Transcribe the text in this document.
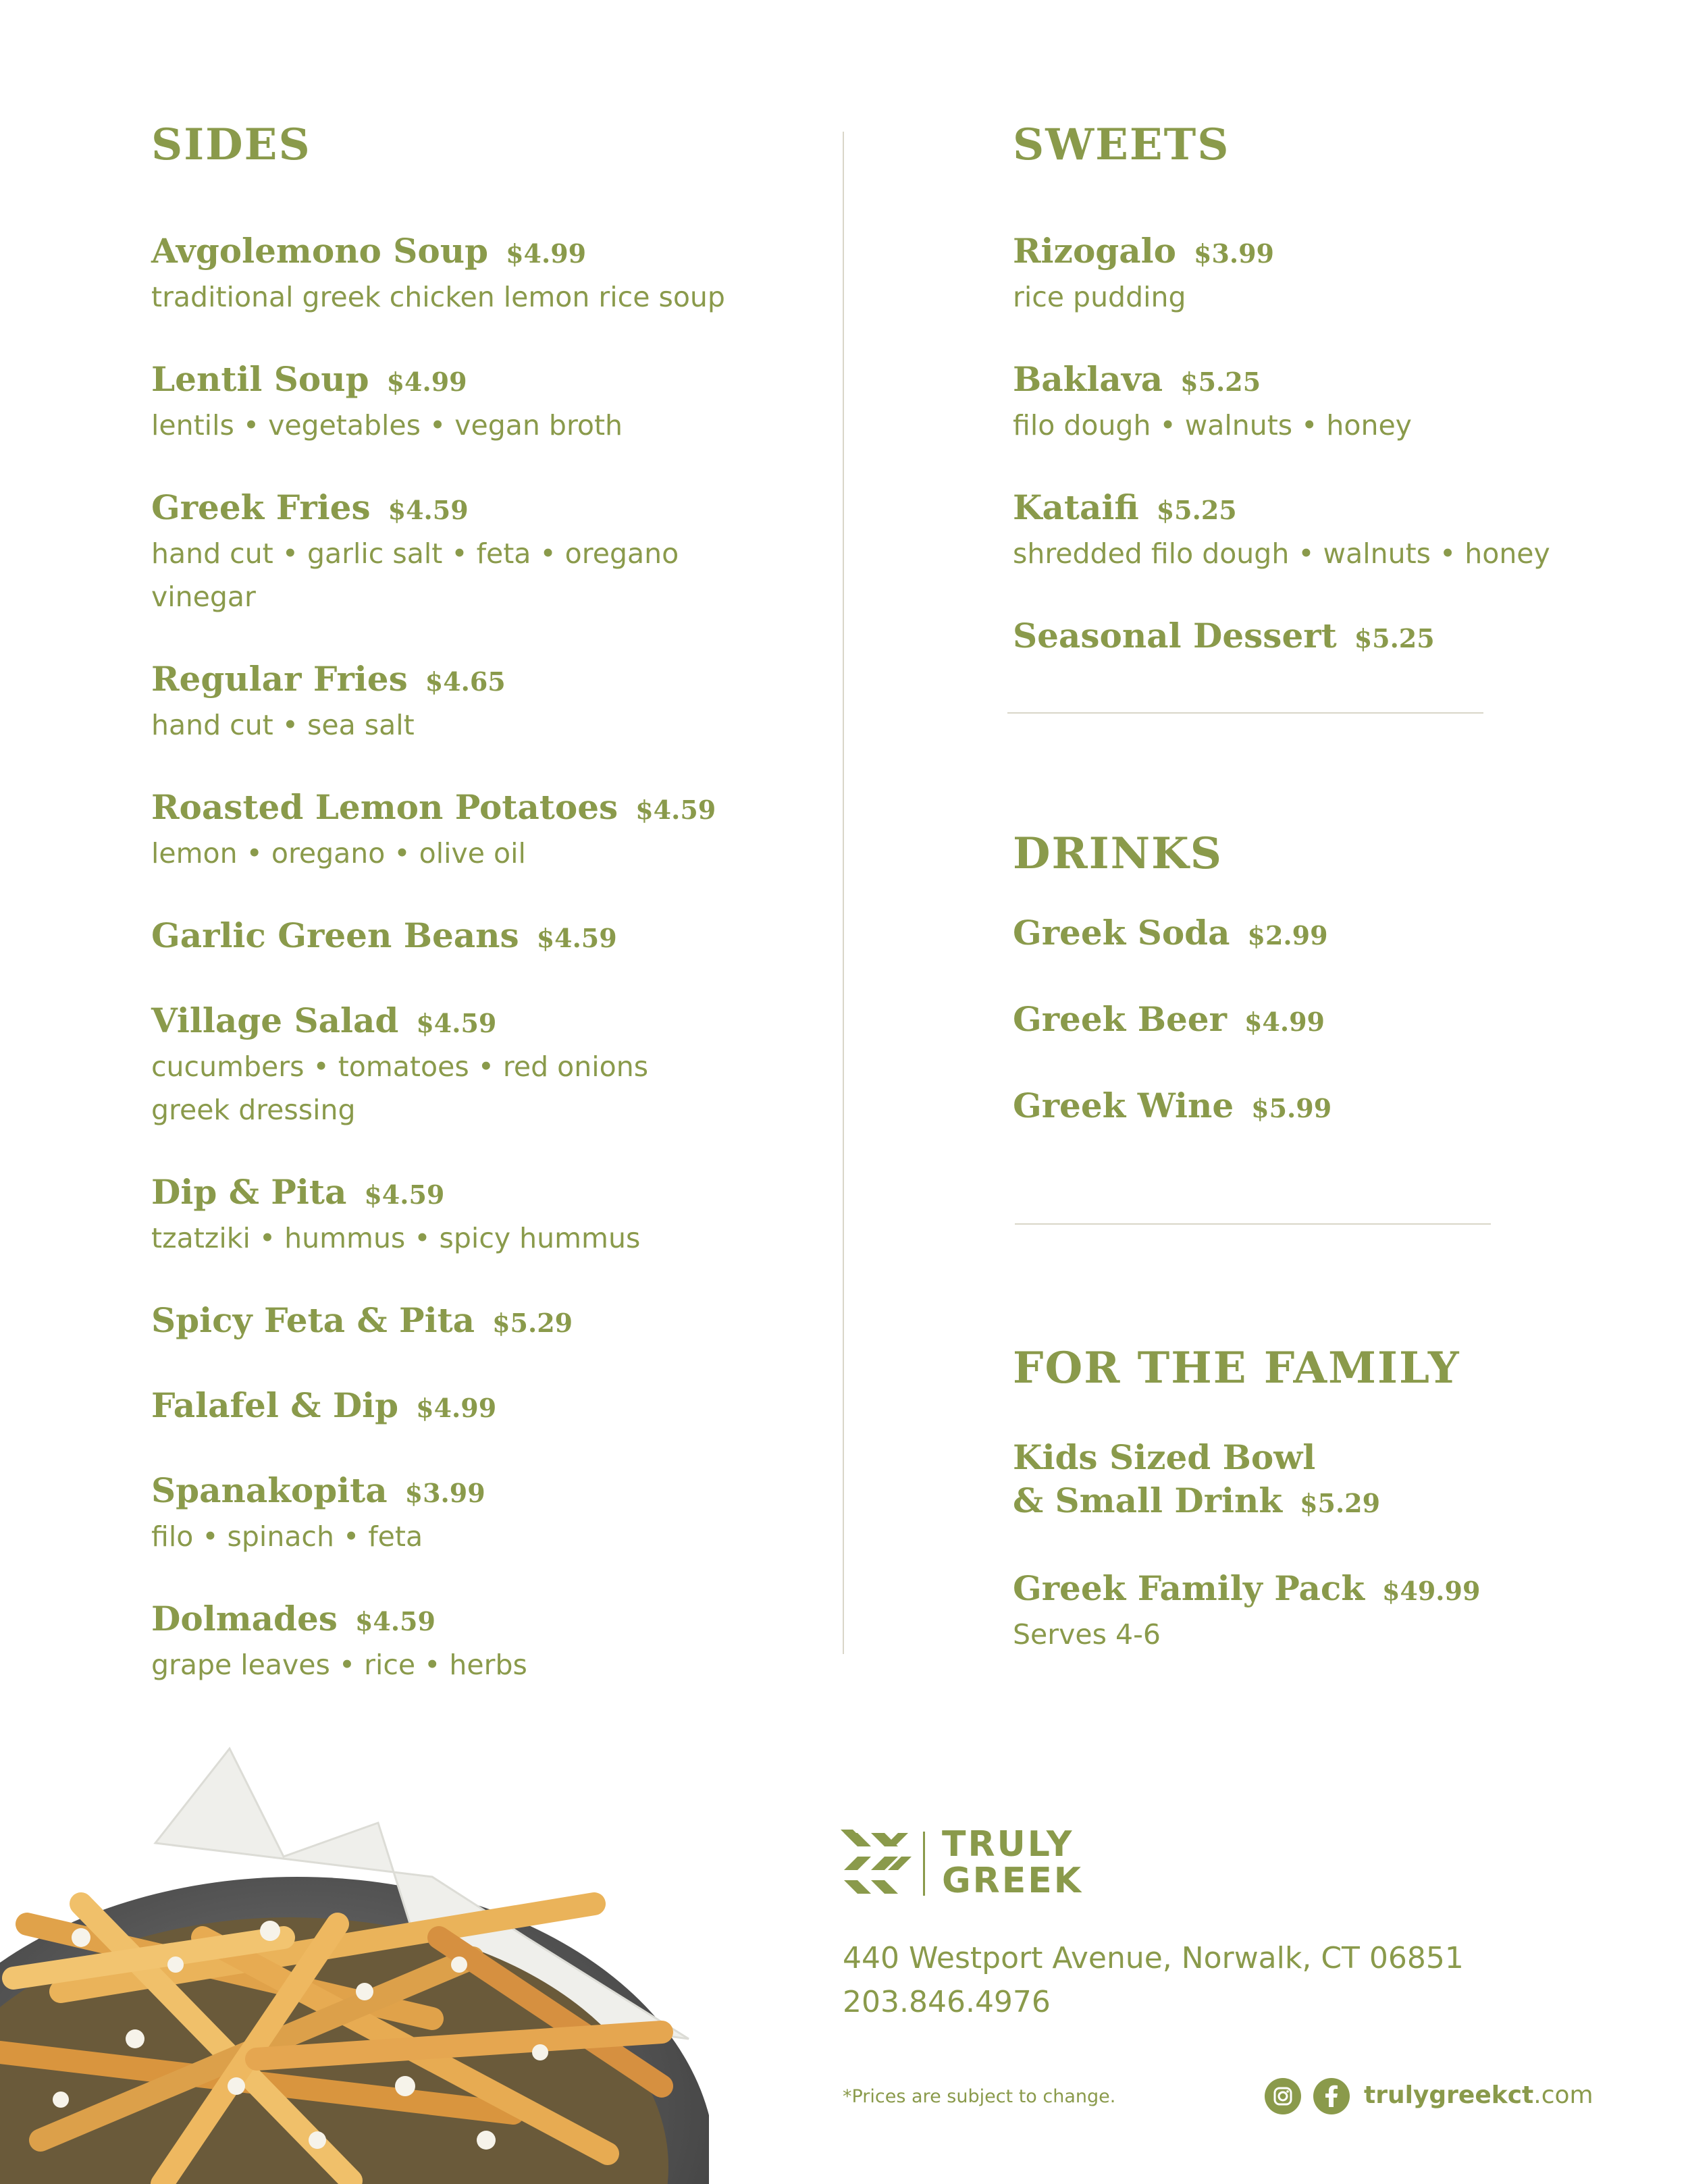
SIDES
Avgolemono Soup $4.99
traditional greek chicken lemon rice soup
Lentil Soup $4.99
lentils • vegetables • vegan broth
Greek Fries $4.59
hand cut • garlic salt • feta • oregano
vinegar
Regular Fries $4.65
hand cut • sea salt
Roasted Lemon Potatoes $4.59
lemon • oregano • olive oil
Garlic Green Beans $4.59
Village Salad $4.59
cucumbers • tomatoes • red onions
greek dressing
Dip & Pita $4.59
tzatziki • hummus • spicy hummus
Spicy Feta & Pita $5.29
Falafel & Dip $4.99
Spanakopita $3.99
filo • spinach • feta
Dolmades $4.59
grape leaves • rice • herbs
SWEETS
Rizogalo $3.99
rice pudding
Baklava $5.25
filo dough • walnuts • honey
Kataifi $5.25
shredded filo dough • walnuts • honey
Seasonal Dessert $5.25
DRINKS
Greek Soda $2.99
Greek Beer $4.99
Greek Wine $5.99
FOR THE FAMILY
Kids Sized Bowl
& Small Drink $5.29
Greek Family Pack $49.99
Serves 4-6
TRULY
GREEK
440 Westport Avenue, Norwalk, CT 06851
203.846.4976
*Prices are subject to change.	trulygreekct.com
